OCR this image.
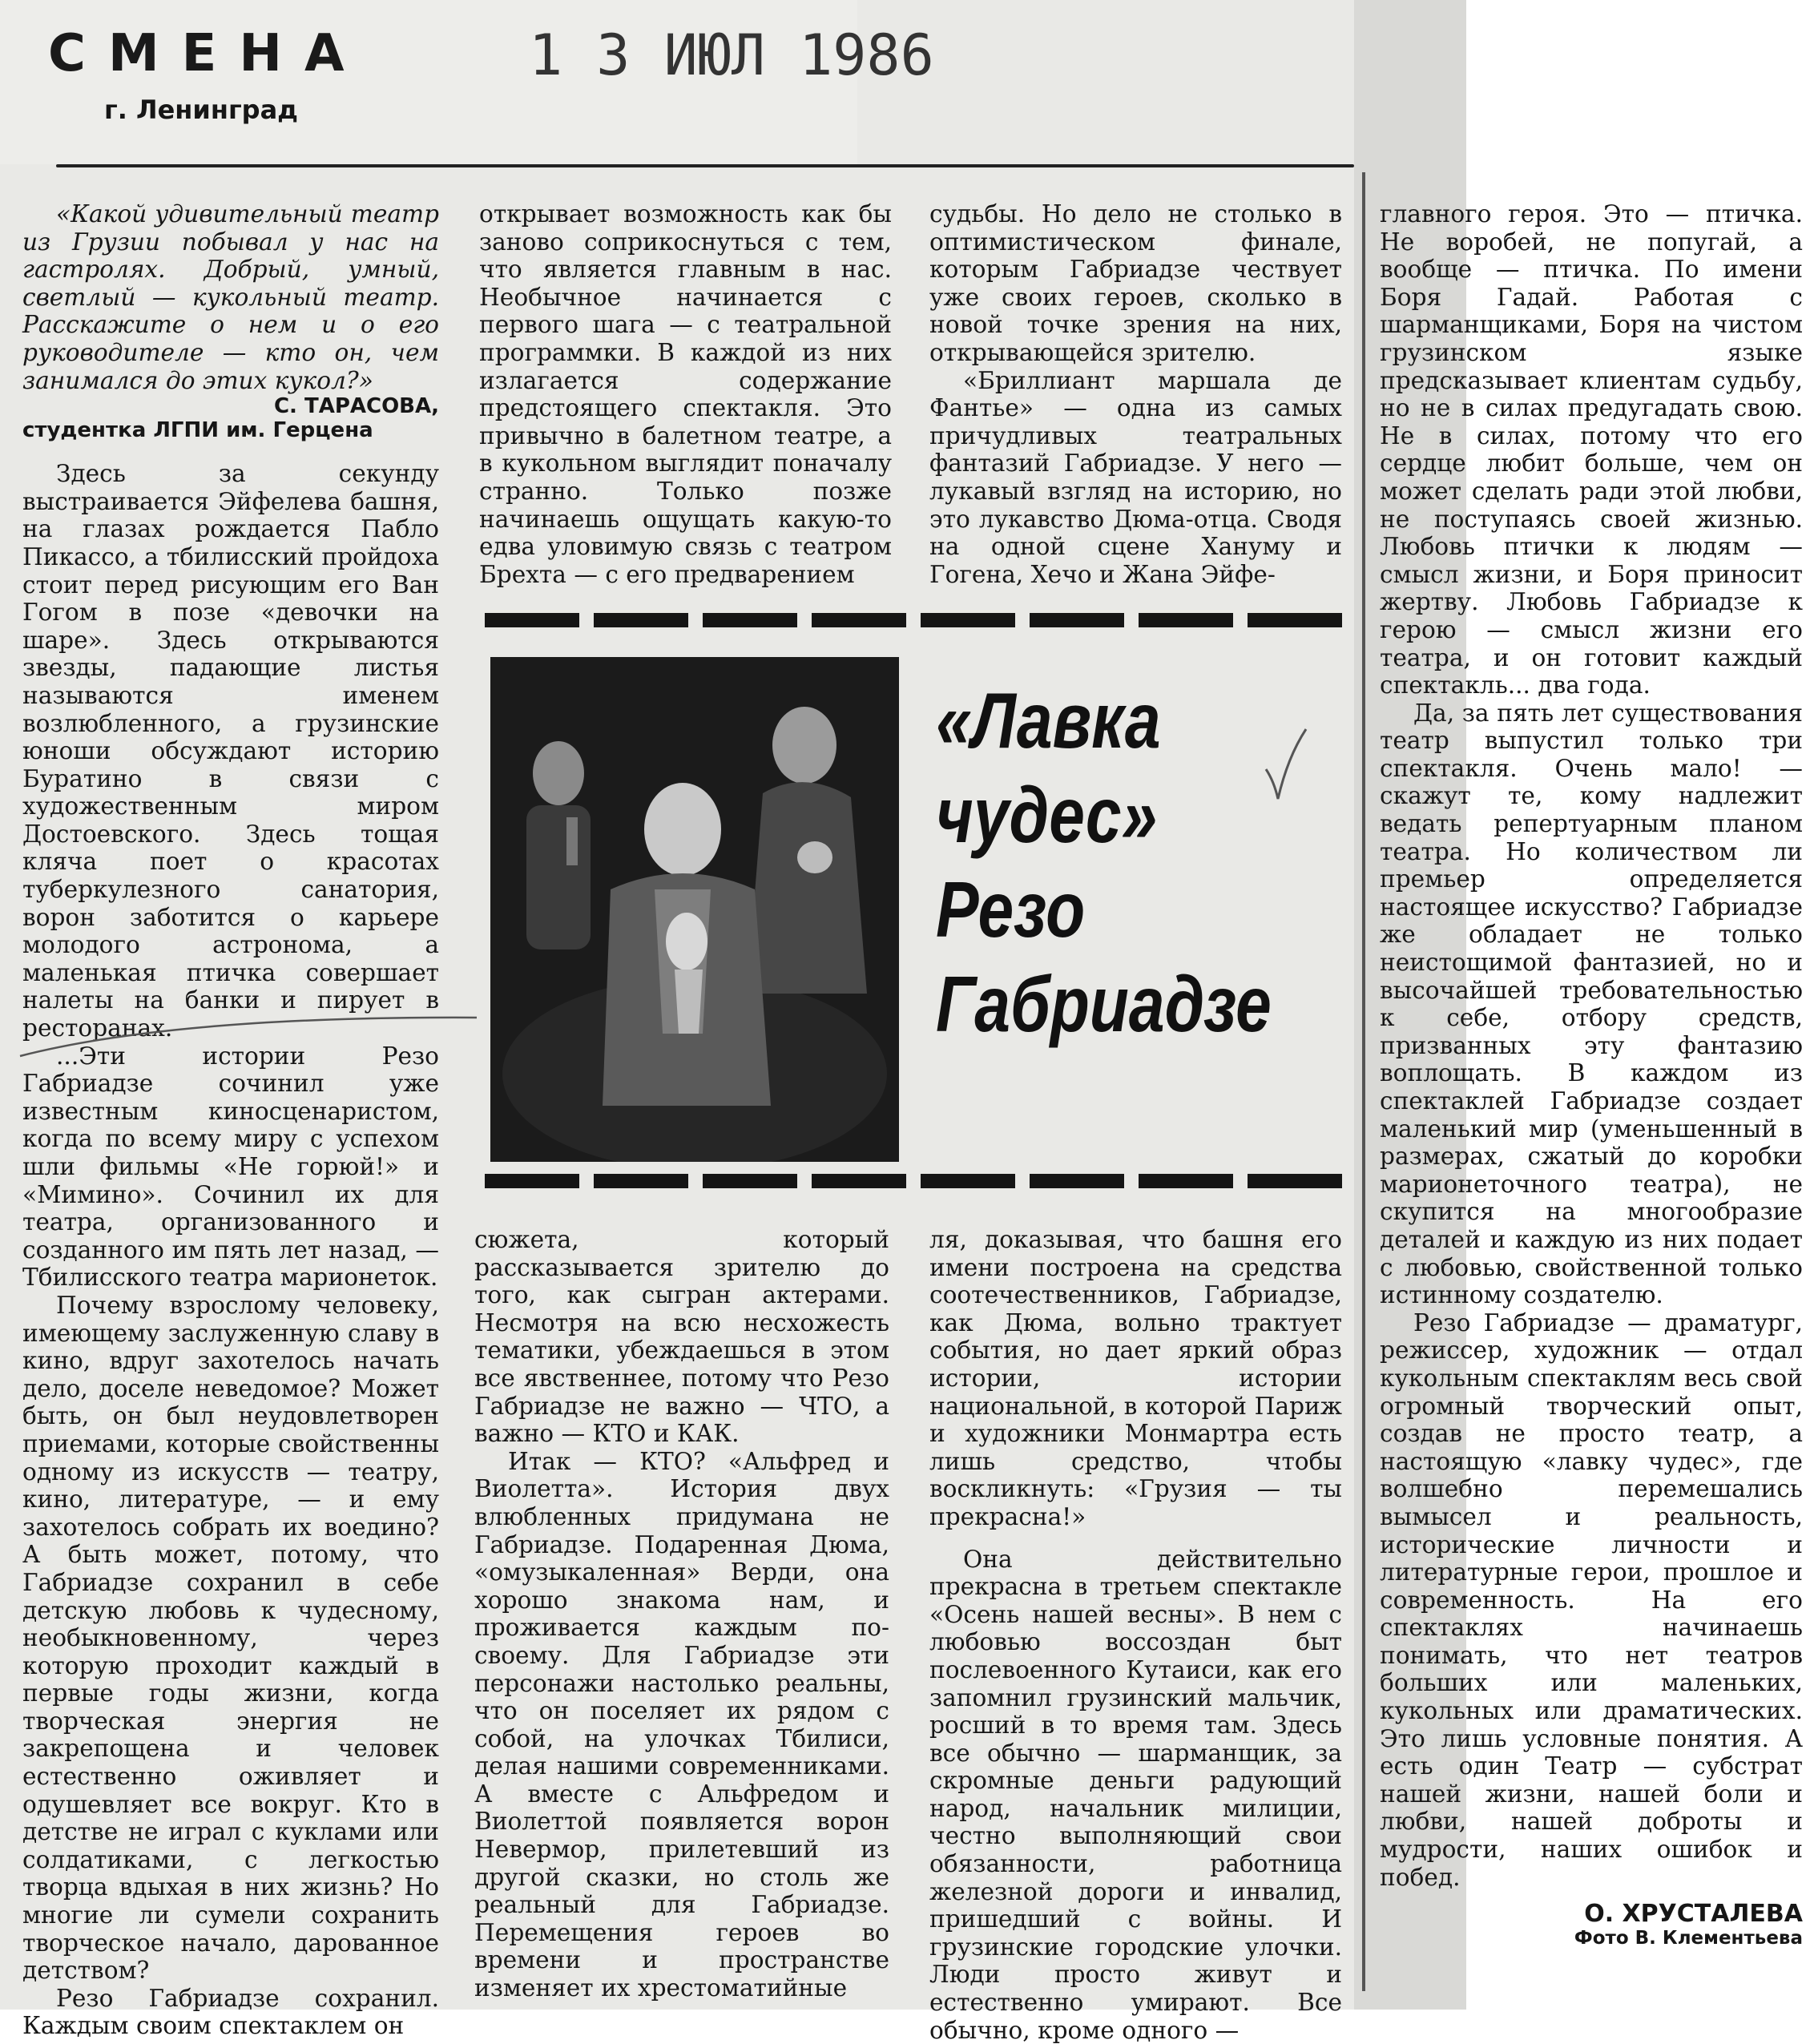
СМЕНА
г. Ленинград
1 3 ИЮЛ 1986

«Какой удивительный театр из Грузии побывал у нас на гастролях. Добрый, умный, светлый — кукольный театр. Расскажите о нем и о его руководителе — кто он, чем занимался до этих кукол?»

С. ТАРАСОВА,
студентка ЛГПИ им. Герцена

Здесь за секунду выстраивается Эйфелева башня, на глазах рождается Пабло Пикассо, а тбилисский пройдоха стоит перед рисующим его Ван Гогом в позе «девочки на шаре». Здесь открываются звезды, падающие листья называются именем возлюбленного, а грузинские юноши обсуждают историю Буратино в связи с художественным миром Достоевского. Здесь тощая кляча поет о красотах туберкулезного санатория, ворон заботится о карьере молодого астронома, а маленькая птичка совершает налеты на банки и пирует в ресторанах.

...Эти истории Резо Габриадзе сочинил уже известным киносценаристом, когда по всему миру с успехом шли фильмы «Не горюй!» и «Мимино». Сочинил их для театра, организованного и созданного им пять лет назад, — Тбилисского театра марионеток.

Почему взрослому человеку, имеющему заслуженную славу в кино, вдруг захотелось начать дело, доселе неведомое? Может быть, он был неудовлетворен приемами, которые свойственны одному из искусств — театру, кино, литературе, — и ему захотелось собрать их воедино? А быть может, потому, что Габриадзе сохранил в себе детскую любовь к чудесному, необыкновенному, через которую проходит каждый в первые годы жизни, когда творческая энергия не закрепощена и человек естественно оживляет и одушевляет все вокруг. Кто в детстве не играл с куклами или солдатиками, с легкостью творца вдыхая в них жизнь? Но многие ли сумели сохранить творческое начало, дарованное детством?

Резо Габриадзе сохранил. Каждым своим спектаклем он

открывает возможность как бы заново соприкоснуться с тем, что является главным в нас. Необычное начинается с первого шага — с театральной программки. В каждой из них излагается содержание предстоящего спектакля. Это привычно в балетном театре, а в кукольном выглядит поначалу странно. Только позже начинаешь ощущать какую-то едва уловимую связь с театром Брехта — с его предварением

судьбы. Но дело не столько в оптимистическом финале, которым Габриадзе чествует уже своих героев, сколько в новой точке зрения на них, открывающейся зрителю.

«Бриллиант маршала де Фантье» — одна из самых причудливых театральных фантазий Габриадзе. У него — лукавый взгляд на историю, но это лукавство Дюма-отца. Сводя на одной сцене Хануму и Гогена, Хечо и Жана Эйфе-

«Лавка
чудес»
Резо
Габриадзе

сюжета, который рассказывается зрителю до того, как сыгран актерами. Несмотря на всю несхожесть тематики, убеждаешься в этом все явственнее, потому что Резо Габриадзе не важно — ЧТО, а важно — КТО и КАК.

Итак — КТО? «Альфред и Виолетта». История двух влюбленных придумана не Габриадзе. Подаренная Дюма, «омузыкаленная» Верди, она хорошо знакома нам, и проживается каждым по-своему. Для Габриадзе эти персонажи настолько реальны, что он поселяет их рядом с собой, на улочках Тбилиси, делая нашими современниками. А вместе с Альфредом и Виолеттой появляется ворон Невермор, прилетевший из другой сказки, но столь же реальный для Габриадзе. Перемещения героев во времени и пространстве изменяет их хрестоматийные

ля, доказывая, что башня его имени построена на средства соотечественников, Габриадзе, как Дюма, вольно трактует события, но дает яркий образ истории, истории национальной, в которой Париж и художники Монмартра есть лишь средство, чтобы воскликнуть: «Грузия — ты прекрасна!»

Она действительно прекрасна в третьем спектакле «Осень нашей весны». В нем с любовью воссоздан быт послевоенного Кутаиси, как его запомнил грузинский мальчик, росший в то время там. Здесь все обычно — шарманщик, за скромные деньги радующий народ, начальник милиции, честно выполняющий свои обязанности, работница железной дороги и инвалид, пришедший с войны. И грузинские городские улочки. Люди просто живут и естественно умирают. Все обычно, кроме одного —

главного героя. Это — птичка. Не воробей, не попугай, а вообще — птичка. По имени Боря Гадай. Работая с шарманщиками, Боря на чистом грузинском языке предсказывает клиентам судьбу, но не в силах предугадать свою. Не в силах, потому что его сердце любит больше, чем он может сделать ради этой любви, не поступаясь своей жизнью. Любовь птички к людям — смысл жизни, и Боря приносит жертву. Любовь Габриадзе к герою — смысл жизни его театра, и он готовит каждый спектакль... два года.

Да, за пять лет существования театр выпустил только три спектакля. Очень мало! — скажут те, кому надлежит ведать репертуарным планом театра. Но количеством ли премьер определяется настоящее искусство? Габриадзе же обладает не только неистощимой фантазией, но и высочайшей требовательностью к себе, отбору средств, призванных эту фантазию воплощать. В каждом из спектаклей Габриадзе создает маленький мир (уменьшенный в размерах, сжатый до коробки марионеточного театра), не скупится на многообразие деталей и каждую из них подает с любовью, свойственной только истинному создателю.

Резо Габриадзе — драматург, режиссер, художник — отдал кукольным спектаклям весь свой огромный творческий опыт, создав не просто театр, а настоящую «лавку чудес», где волшебно перемешались вымысел и реальность, исторические личности и литературные герои, прошлое и современность. На его спектаклях начинаешь понимать, что нет театров больших или маленьких, кукольных или драматических. Это лишь условные понятия. А есть один Театр — субстрат нашей жизни, нашей боли и любви, нашей доброты и мудрости, наших ошибок и побед.

О. ХРУСТАЛЕВА
Фото В. Клементьева
